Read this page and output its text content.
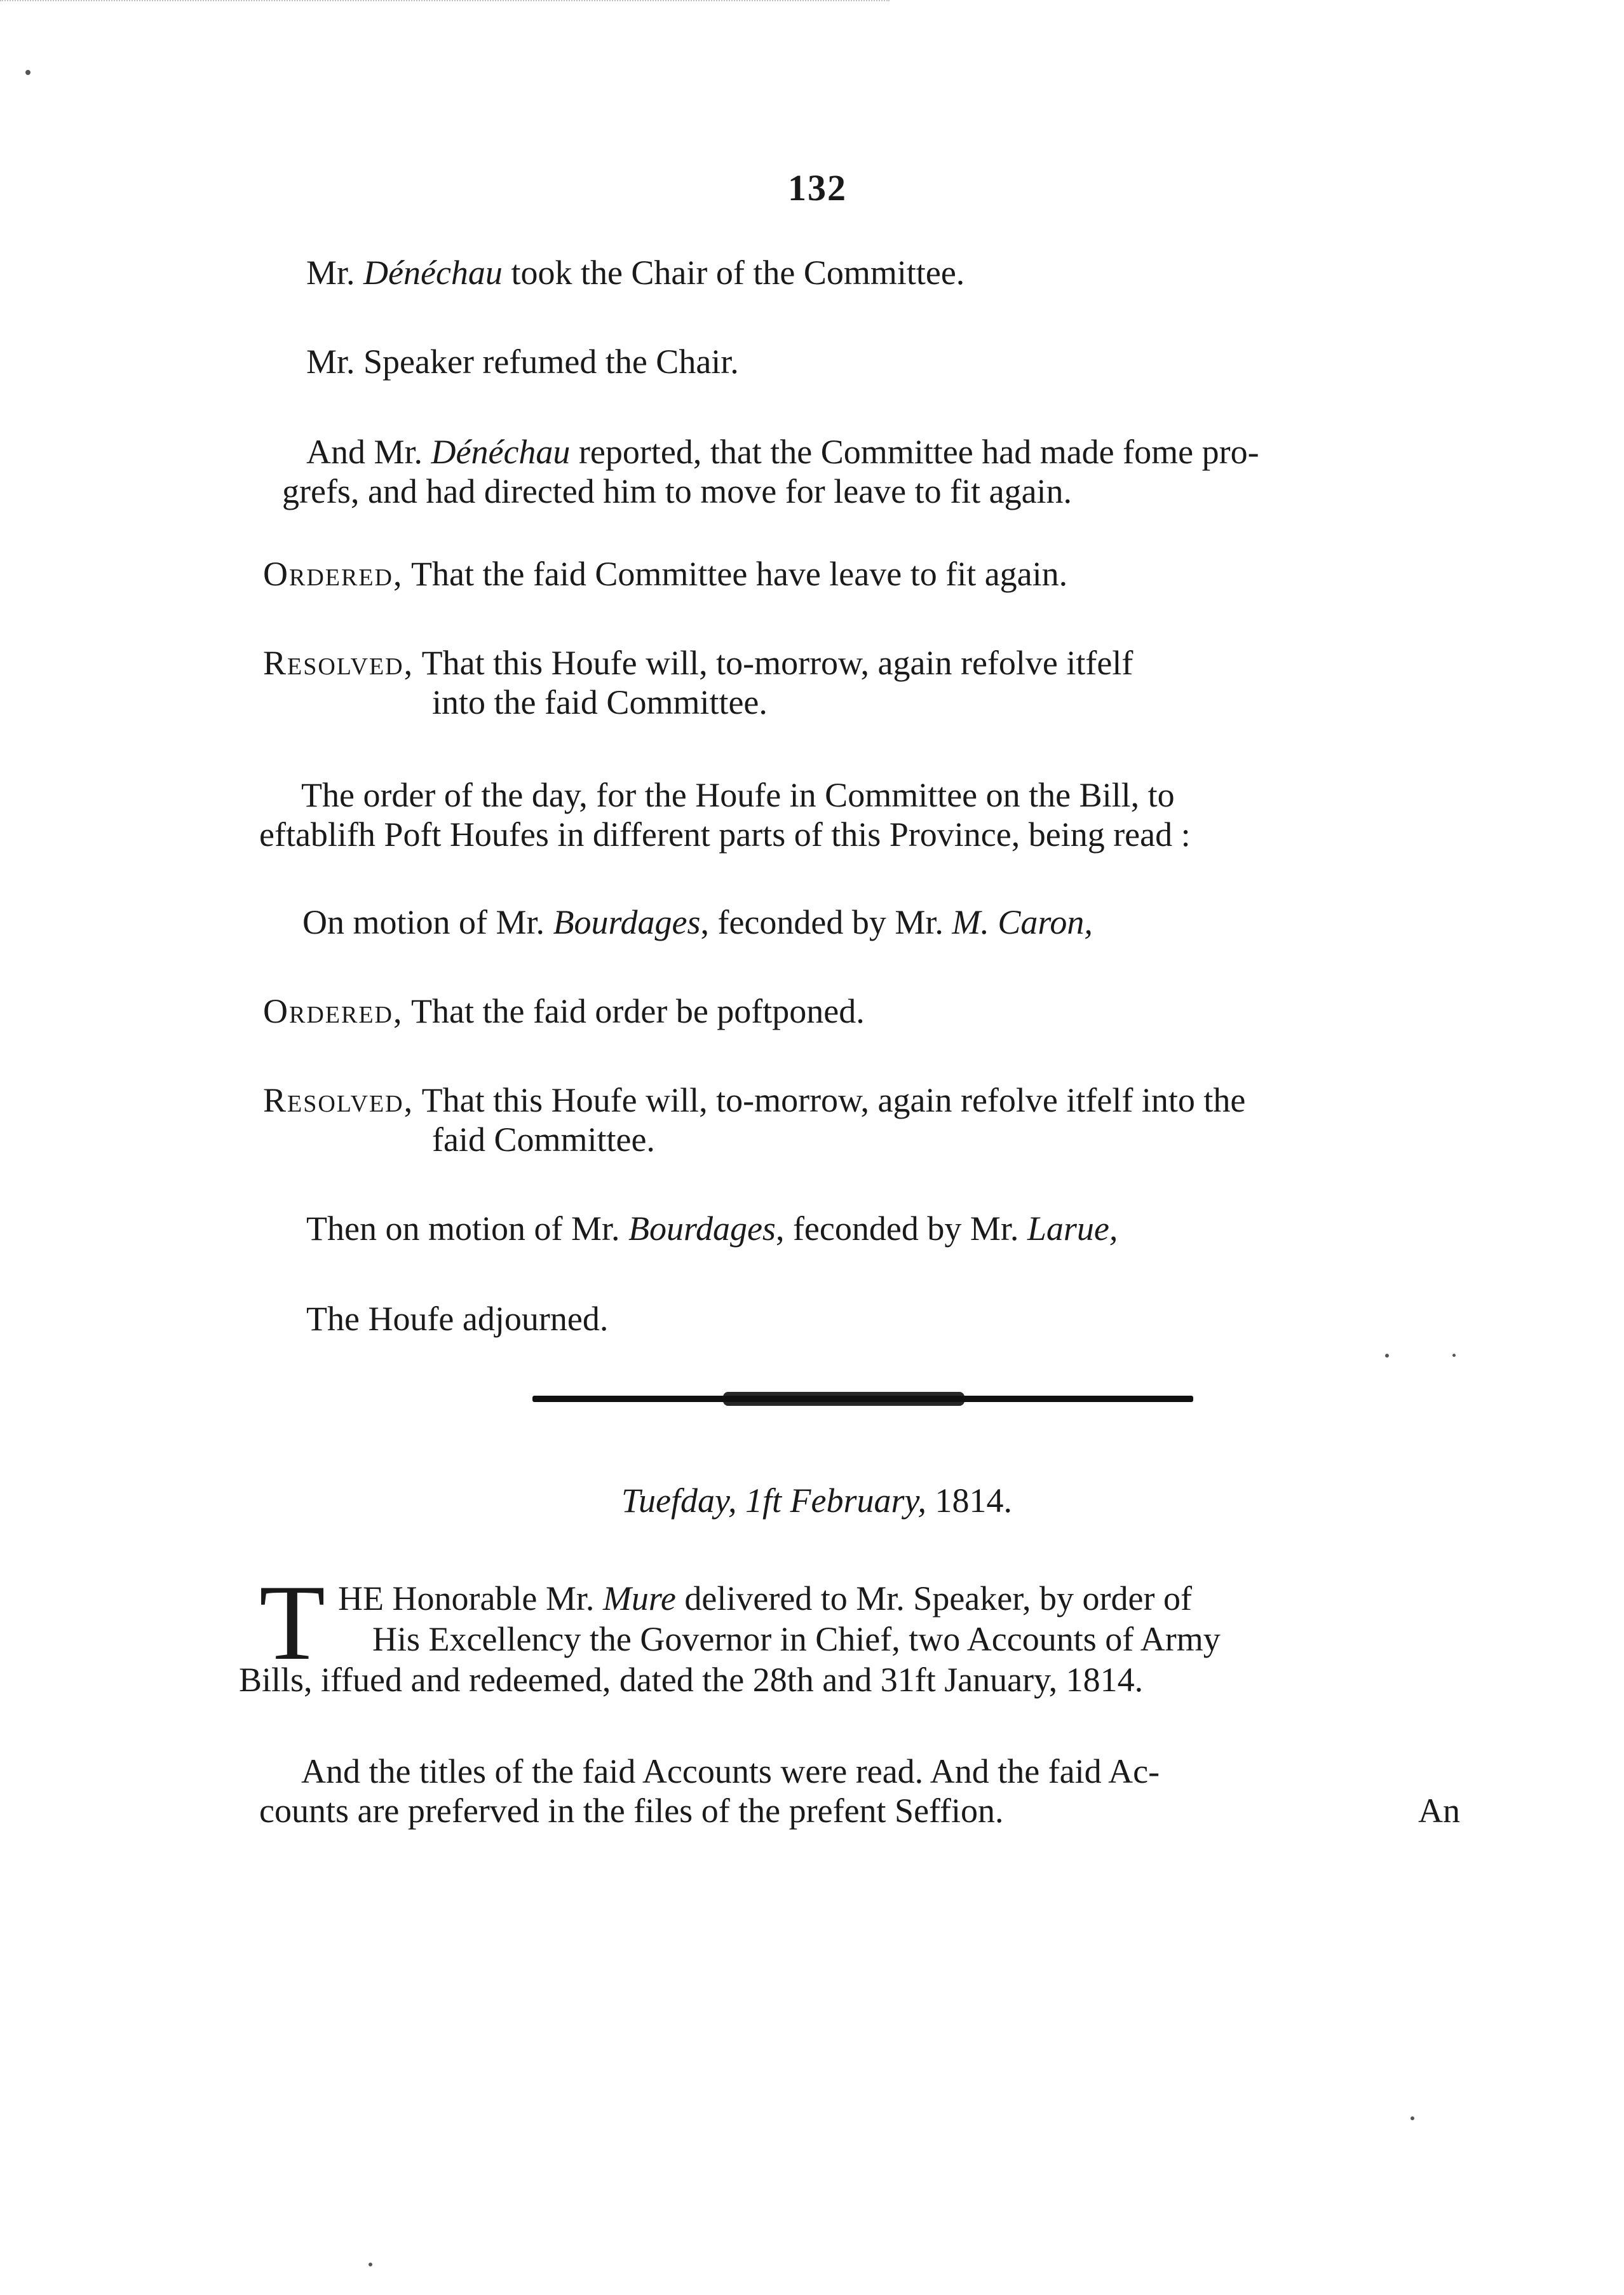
132
Mr. Dénéchau took the Chair of the Committee.
Mr. Speaker refumed the Chair.
And Mr. Dénéchau reported, that the Committee had made fome pro-
grefs, and had directed him to move for leave to fit again.
Ordered, That the faid Committee have leave to fit again.
Resolved, That this Houfe will, to-morrow, again refolve itfelf
into the faid Committee.
The order of the day, for the Houfe in Committee on the Bill, to
eftablifh Poft Houfes in different parts of this Province, being read :
On motion of Mr. Bourdages, feconded by Mr. M. Caron,
Ordered, That the faid order be poftponed.
Resolved, That this Houfe will, to-morrow, again refolve itfelf into the
faid Committee.
Then on motion of Mr. Bourdages, feconded by Mr. Larue,
The Houfe adjourned.
Tuefday, 1ft February, 1814.
T HE Honorable Mr. Mure delivered to Mr. Speaker, by order of
His Excellency the Governor in Chief, two Accounts of Army
Bills, iffued and redeemed, dated the 28th and 31ft January, 1814.
And the titles of the faid Accounts were read. And the faid Ac-
counts are preferved in the files of the prefent Seffion.	An
